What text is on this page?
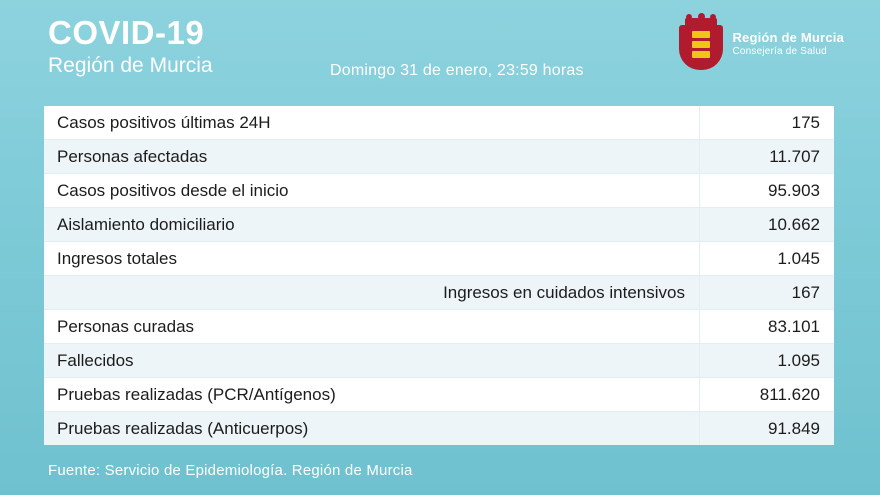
COVID-19
Región de Murcia	Domingo 31 de enero, 23:59 horas
Región de Murcia
Consejería de Salud
Casos positivos últimas 24H	175
Personas afectadas	11.707
Casos positivos desde el inicio	95.903
Aislamiento domiciliario	10.662
Ingresos totales	1.045
Ingresos en cuidados intensivos	167
Personas curadas	83.101
Fallecidos	1.095
Pruebas realizadas (PCR/Antígenos)	811.620
Pruebas realizadas (Anticuerpos)	91.849
Fuente: Servicio de Epidemiología. Región de Murcia
